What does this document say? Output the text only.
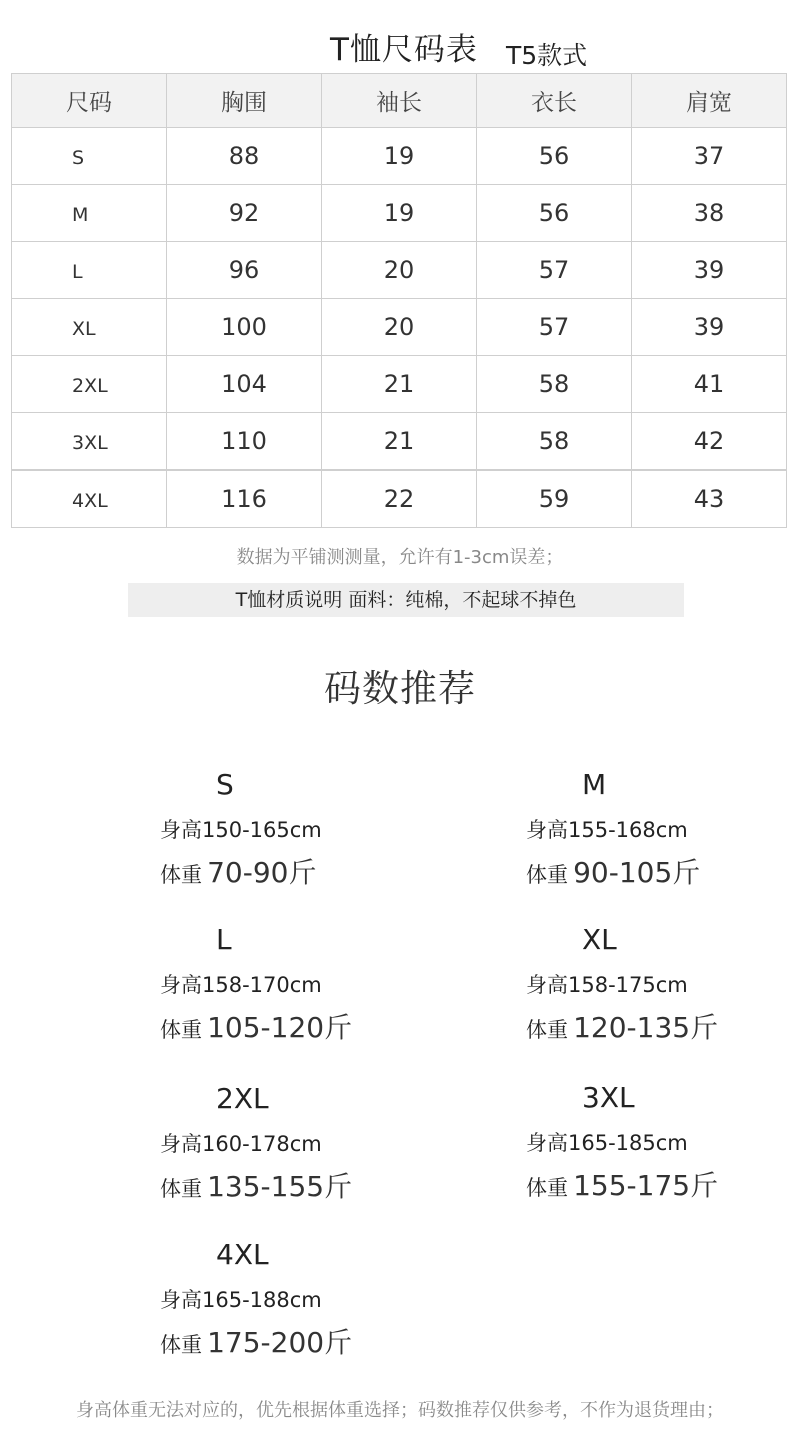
T恤尺码表 T5款式
尺码	胸围	袖长	衣长	肩宽
S	88	19	56	37
M	92	19	56	38
L	96	20	57	39
XL	100	20	57	39
2XL	104	21	58	41
3XL	110	21	58	42
4XL	116	22	59	43
数据为平铺测测量，允许有1-3cm误差；
T恤材质说明 面料：纯棉，不起球不掉色
码数推荐
S
身高150-165cm
体重 70-90斤
M
身高155-168cm
体重 90-105斤
L
身高158-170cm
体重 105-120斤
XL
身高158-175cm
体重 120-135斤
2XL
身高160-178cm
体重 135-155斤
3XL
身高165-185cm
体重 155-175斤
4XL
身高165-188cm
体重 175-200斤
身高体重无法对应的，优先根据体重选择；码数推荐仅供参考，不作为退货理由；
